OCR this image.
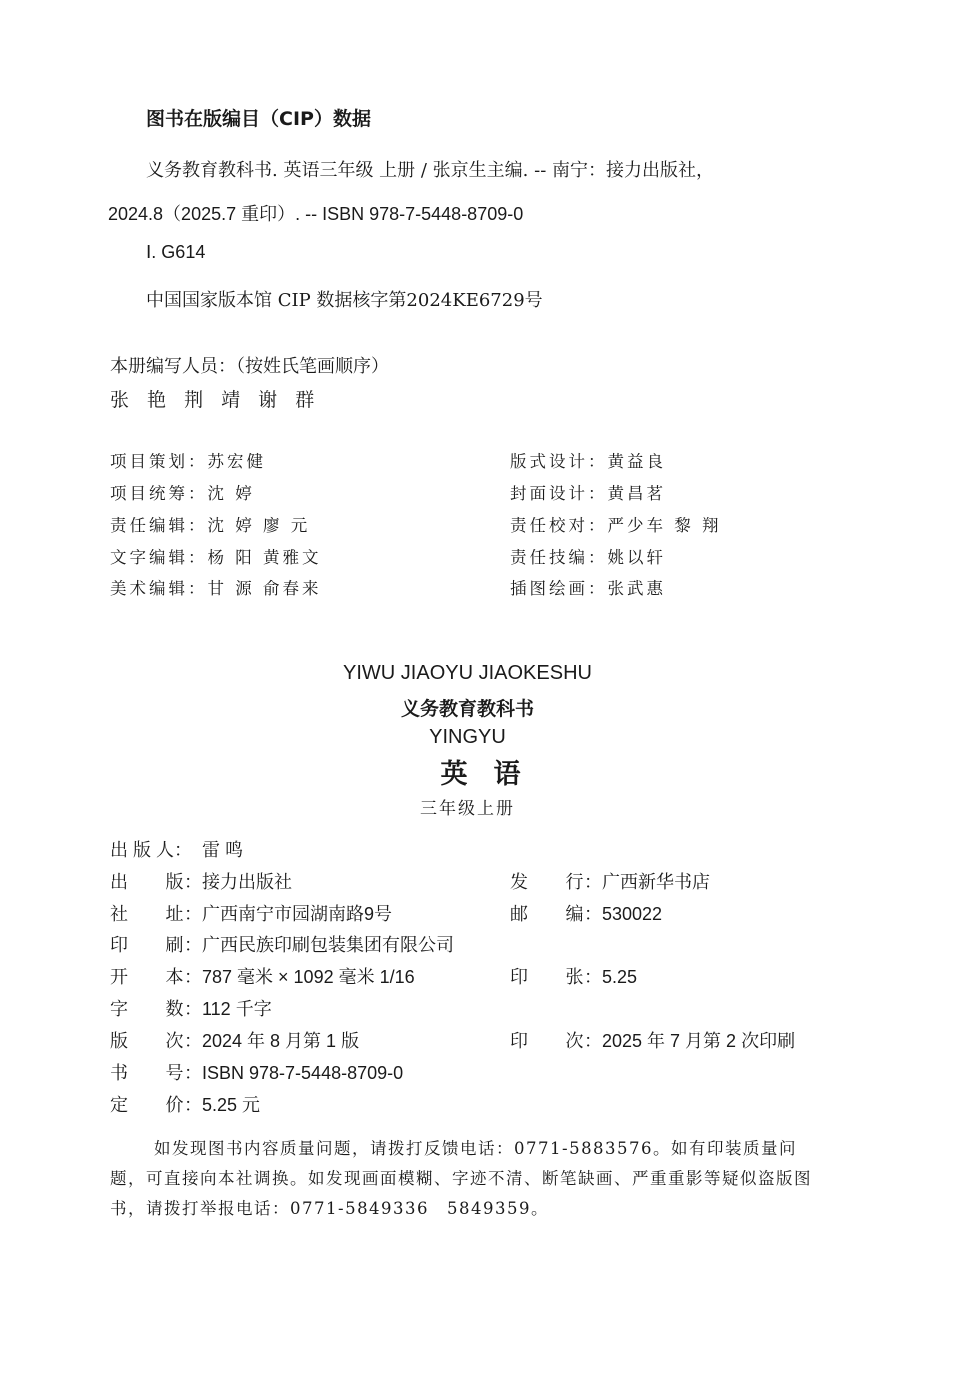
图书在版编目（CIP）数据
义务教育教科书. 英语三年级 上册 / 张京生主编. -- 南宁：接力出版社，
2024.8（2025.7 重印）. -- ISBN 978-7-5448-8709-0
Ⅰ. G614
中国国家版本馆 CIP 数据核字第2024KE6729号
本册编写人员：（按姓氏笔画顺序）
张 艳 荆 靖 谢 群
项目策划：苏宏健
项目统筹：沈 婷
责任编辑：沈 婷 廖 元
文字编辑：杨 阳 黄雅文
美术编辑：甘 源 俞春来
版式设计：黄益良
封面设计：黄昌茗
责任校对：严少车 黎 翔
责任技编：姚以轩
插图绘画：张武惠
YIWU JIAOYU JIAOKESHU
义务教育教科书
YINGYU
英语
三年级上册
出 版 人： 雷 鸣
出　　版：接力出版社
社　　址：广西南宁市园湖南路9号
印　　刷：广西民族印刷包装集团有限公司
开　　本：787 毫米 × 1092 毫米 1/16
字　　数：112 千字
版　　次：2024 年 8 月第 1 版
书　　号：ISBN 978-7-5448-8709-0
定　　价：5.25 元
发　　行：广西新华书店
邮　　编：530022
印　　张：5.25
印　　次：2025 年 7 月第 2 次印刷
如发现图书内容质量问题，请拨打反馈电话：0771-5883576。如有印装质量问题，可直接向本社调换。如发现画面模糊、字迹不清、断笔缺画、严重重影等疑似盗版图书，请拨打举报电话：0771-5849336　5849359。
